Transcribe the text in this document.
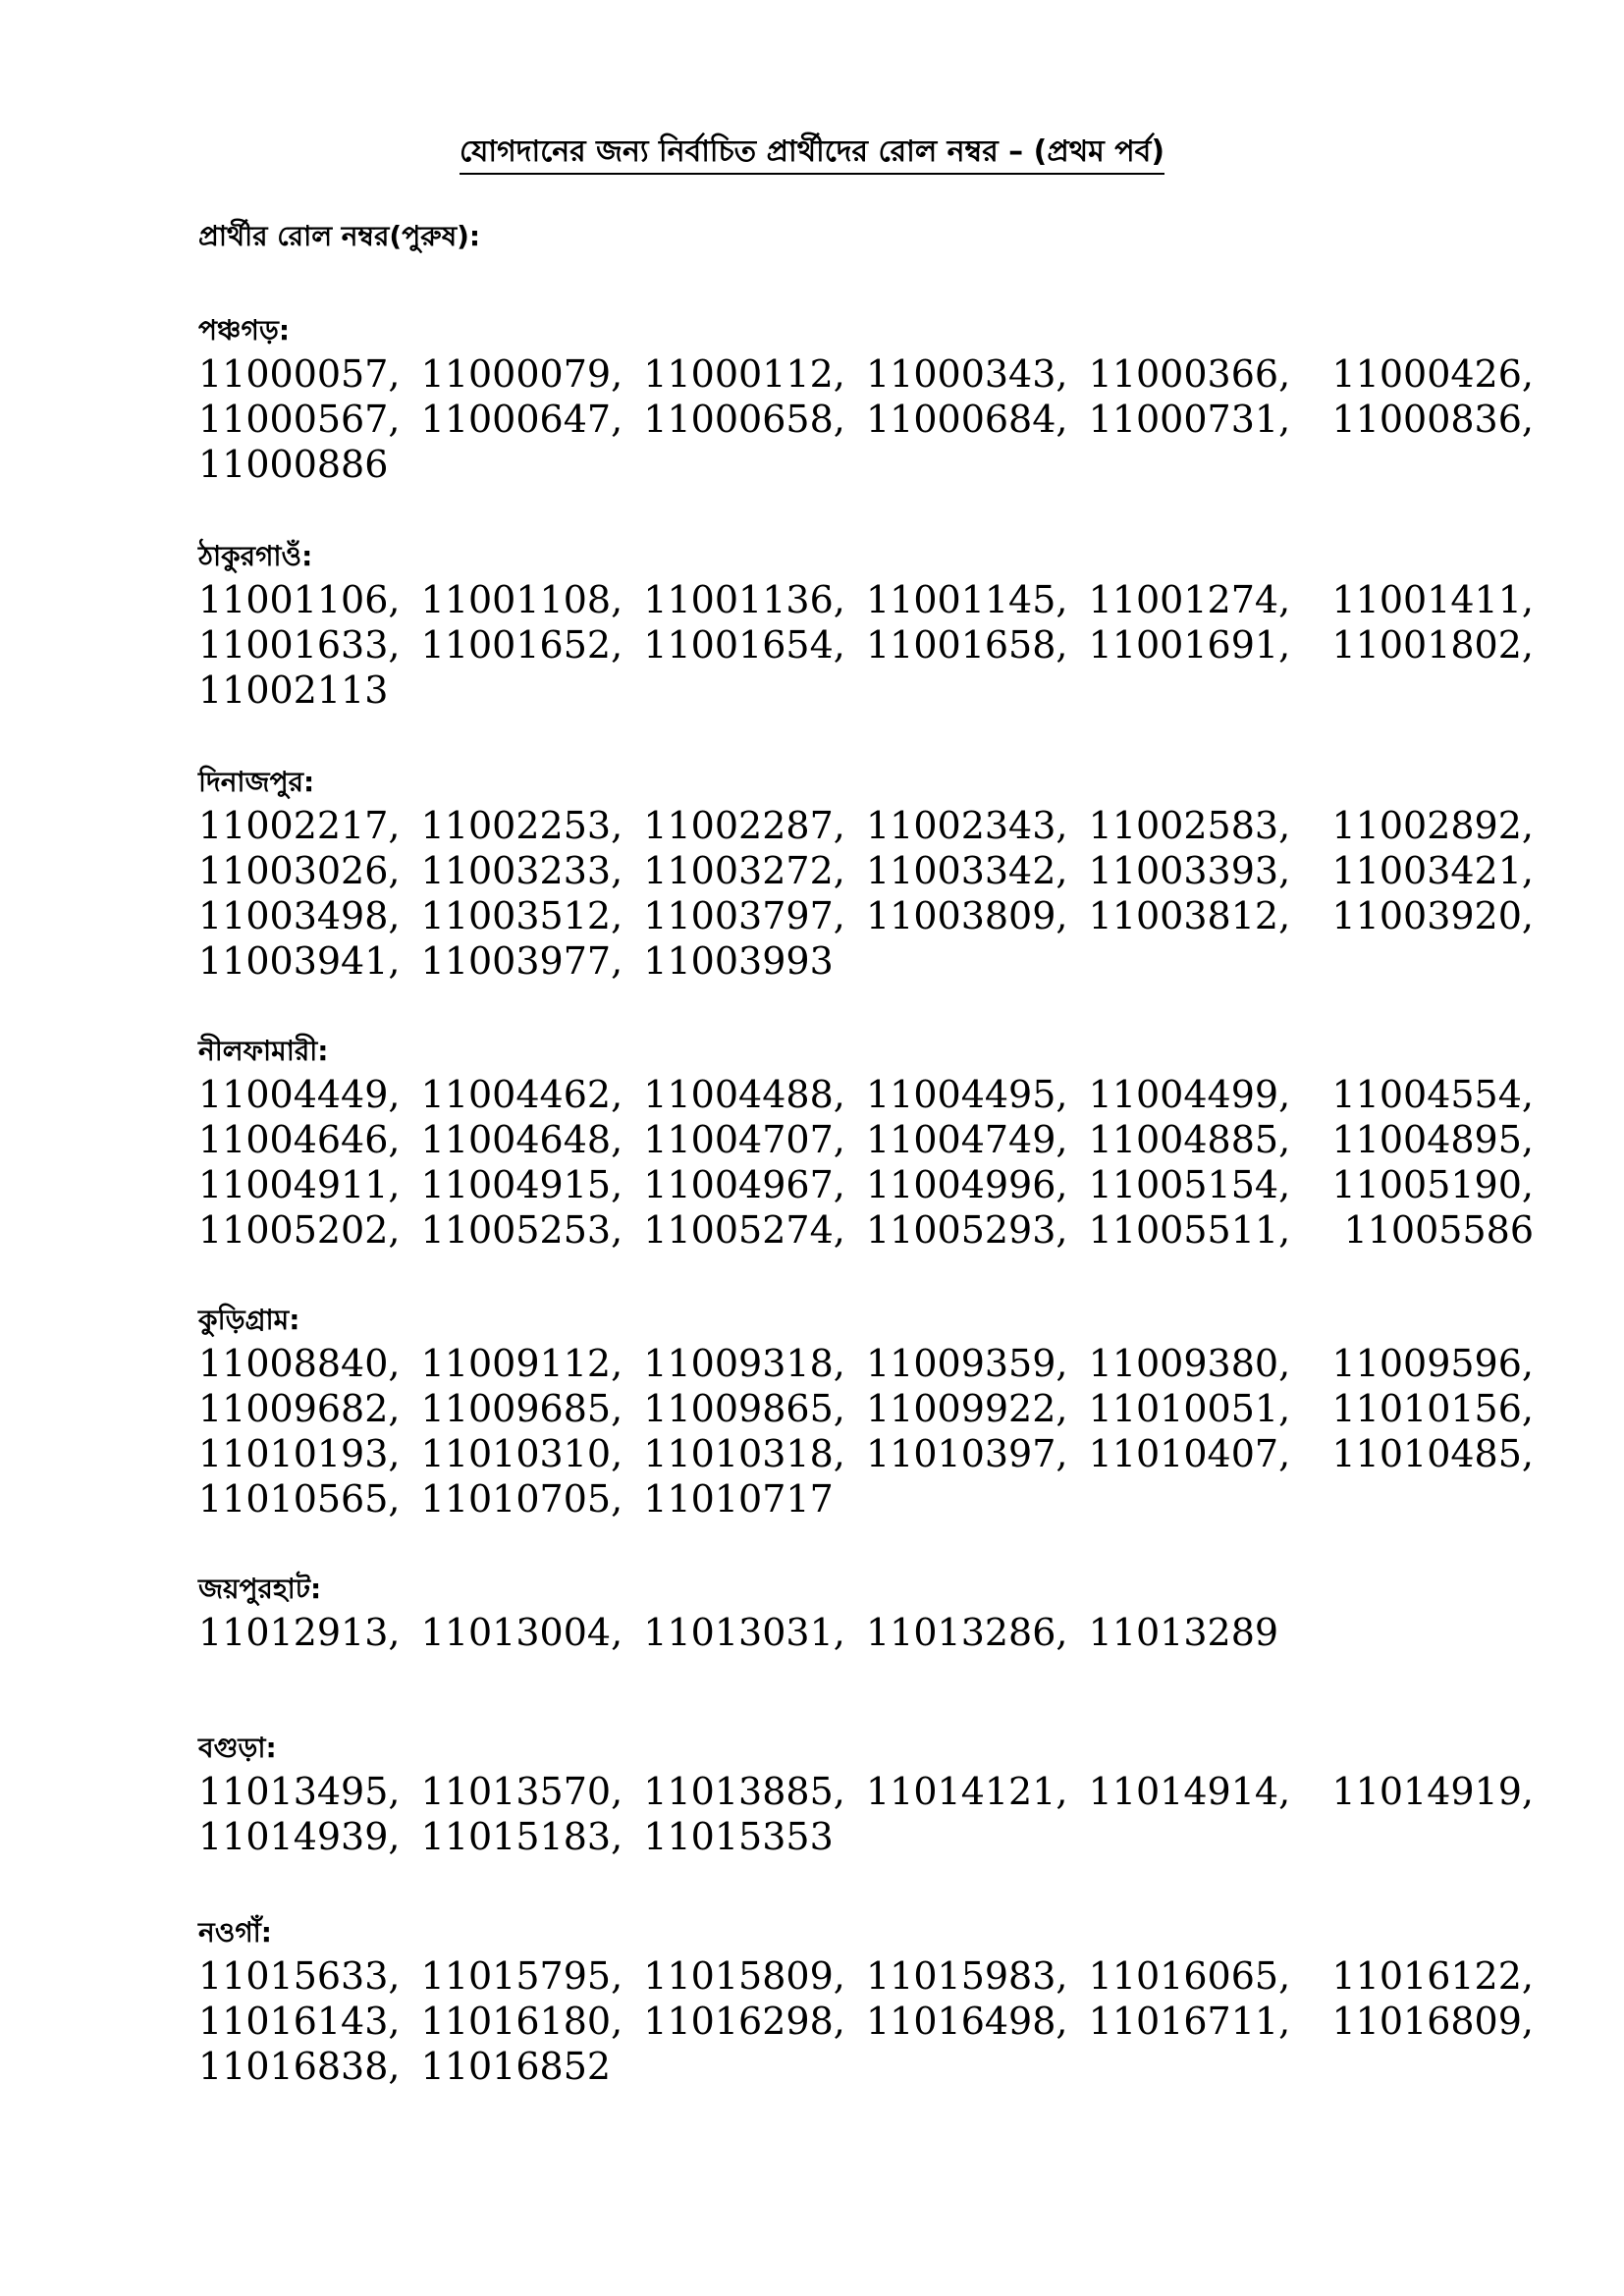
যোগদানের জন্য নির্বাচিত প্রার্থীদের রোল নম্বর – (প্রথম পর্ব)
প্রার্থীর রোল নম্বর(পুরুষ):
পঞ্চগড়:
11000057, 11000079, 11000112, 11000343, 11000366,	11000426,
11000567, 11000647, 11000658, 11000684, 11000731,	11000836,
11000886
ঠাকুরগাওঁ:
11001106, 11001108, 11001136, 11001145, 11001274,	11001411,
11001633, 11001652, 11001654, 11001658, 11001691,	11001802,
11002113
দিনাজপুর:
11002217, 11002253, 11002287, 11002343, 11002583,	11002892,
11003026, 11003233, 11003272, 11003342, 11003393,	11003421,
11003498, 11003512, 11003797, 11003809, 11003812,	11003920,
11003941, 11003977, 11003993
নীলফামারী:
11004449, 11004462, 11004488, 11004495, 11004499,	11004554,
11004646, 11004648, 11004707, 11004749, 11004885,	11004895,
11004911, 11004915, 11004967, 11004996, 11005154,	11005190,
11005202, 11005253, 11005274, 11005293, 11005511,	11005586
কুড়িগ্রাম:
11008840, 11009112, 11009318, 11009359, 11009380,	11009596,
11009682, 11009685, 11009865, 11009922, 11010051,	11010156,
11010193, 11010310, 11010318, 11010397, 11010407,	11010485,
11010565, 11010705, 11010717
জয়পুরহাট:
11012913, 11013004, 11013031, 11013286, 11013289
বগুড়া:
11013495, 11013570, 11013885, 11014121, 11014914,	11014919,
11014939, 11015183, 11015353
নওগাঁ:
11015633, 11015795, 11015809, 11015983, 11016065,	11016122,
11016143, 11016180, 11016298, 11016498, 11016711,	11016809,
11016838, 11016852
